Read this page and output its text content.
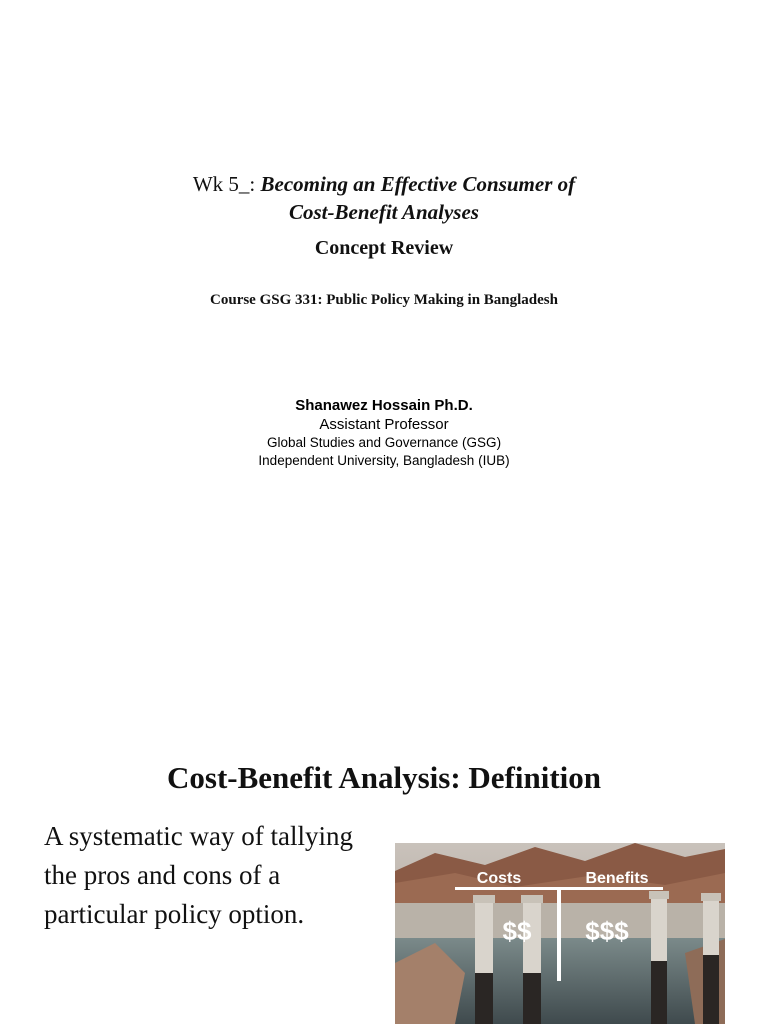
Wk 5_: Becoming an Effective Consumer of
Cost-Benefit Analyses
Concept Review
Course GSG 331: Public Policy Making in Bangladesh
Shanawez Hossain Ph.D.
Assistant Professor
Global Studies and Governance (GSG)
Independent University, Bangladesh (IUB)
Cost-Benefit Analysis: Definition
A systematic way of tallying the pros and cons of a particular policy option.
Costs	Benefits
$$ $$$
